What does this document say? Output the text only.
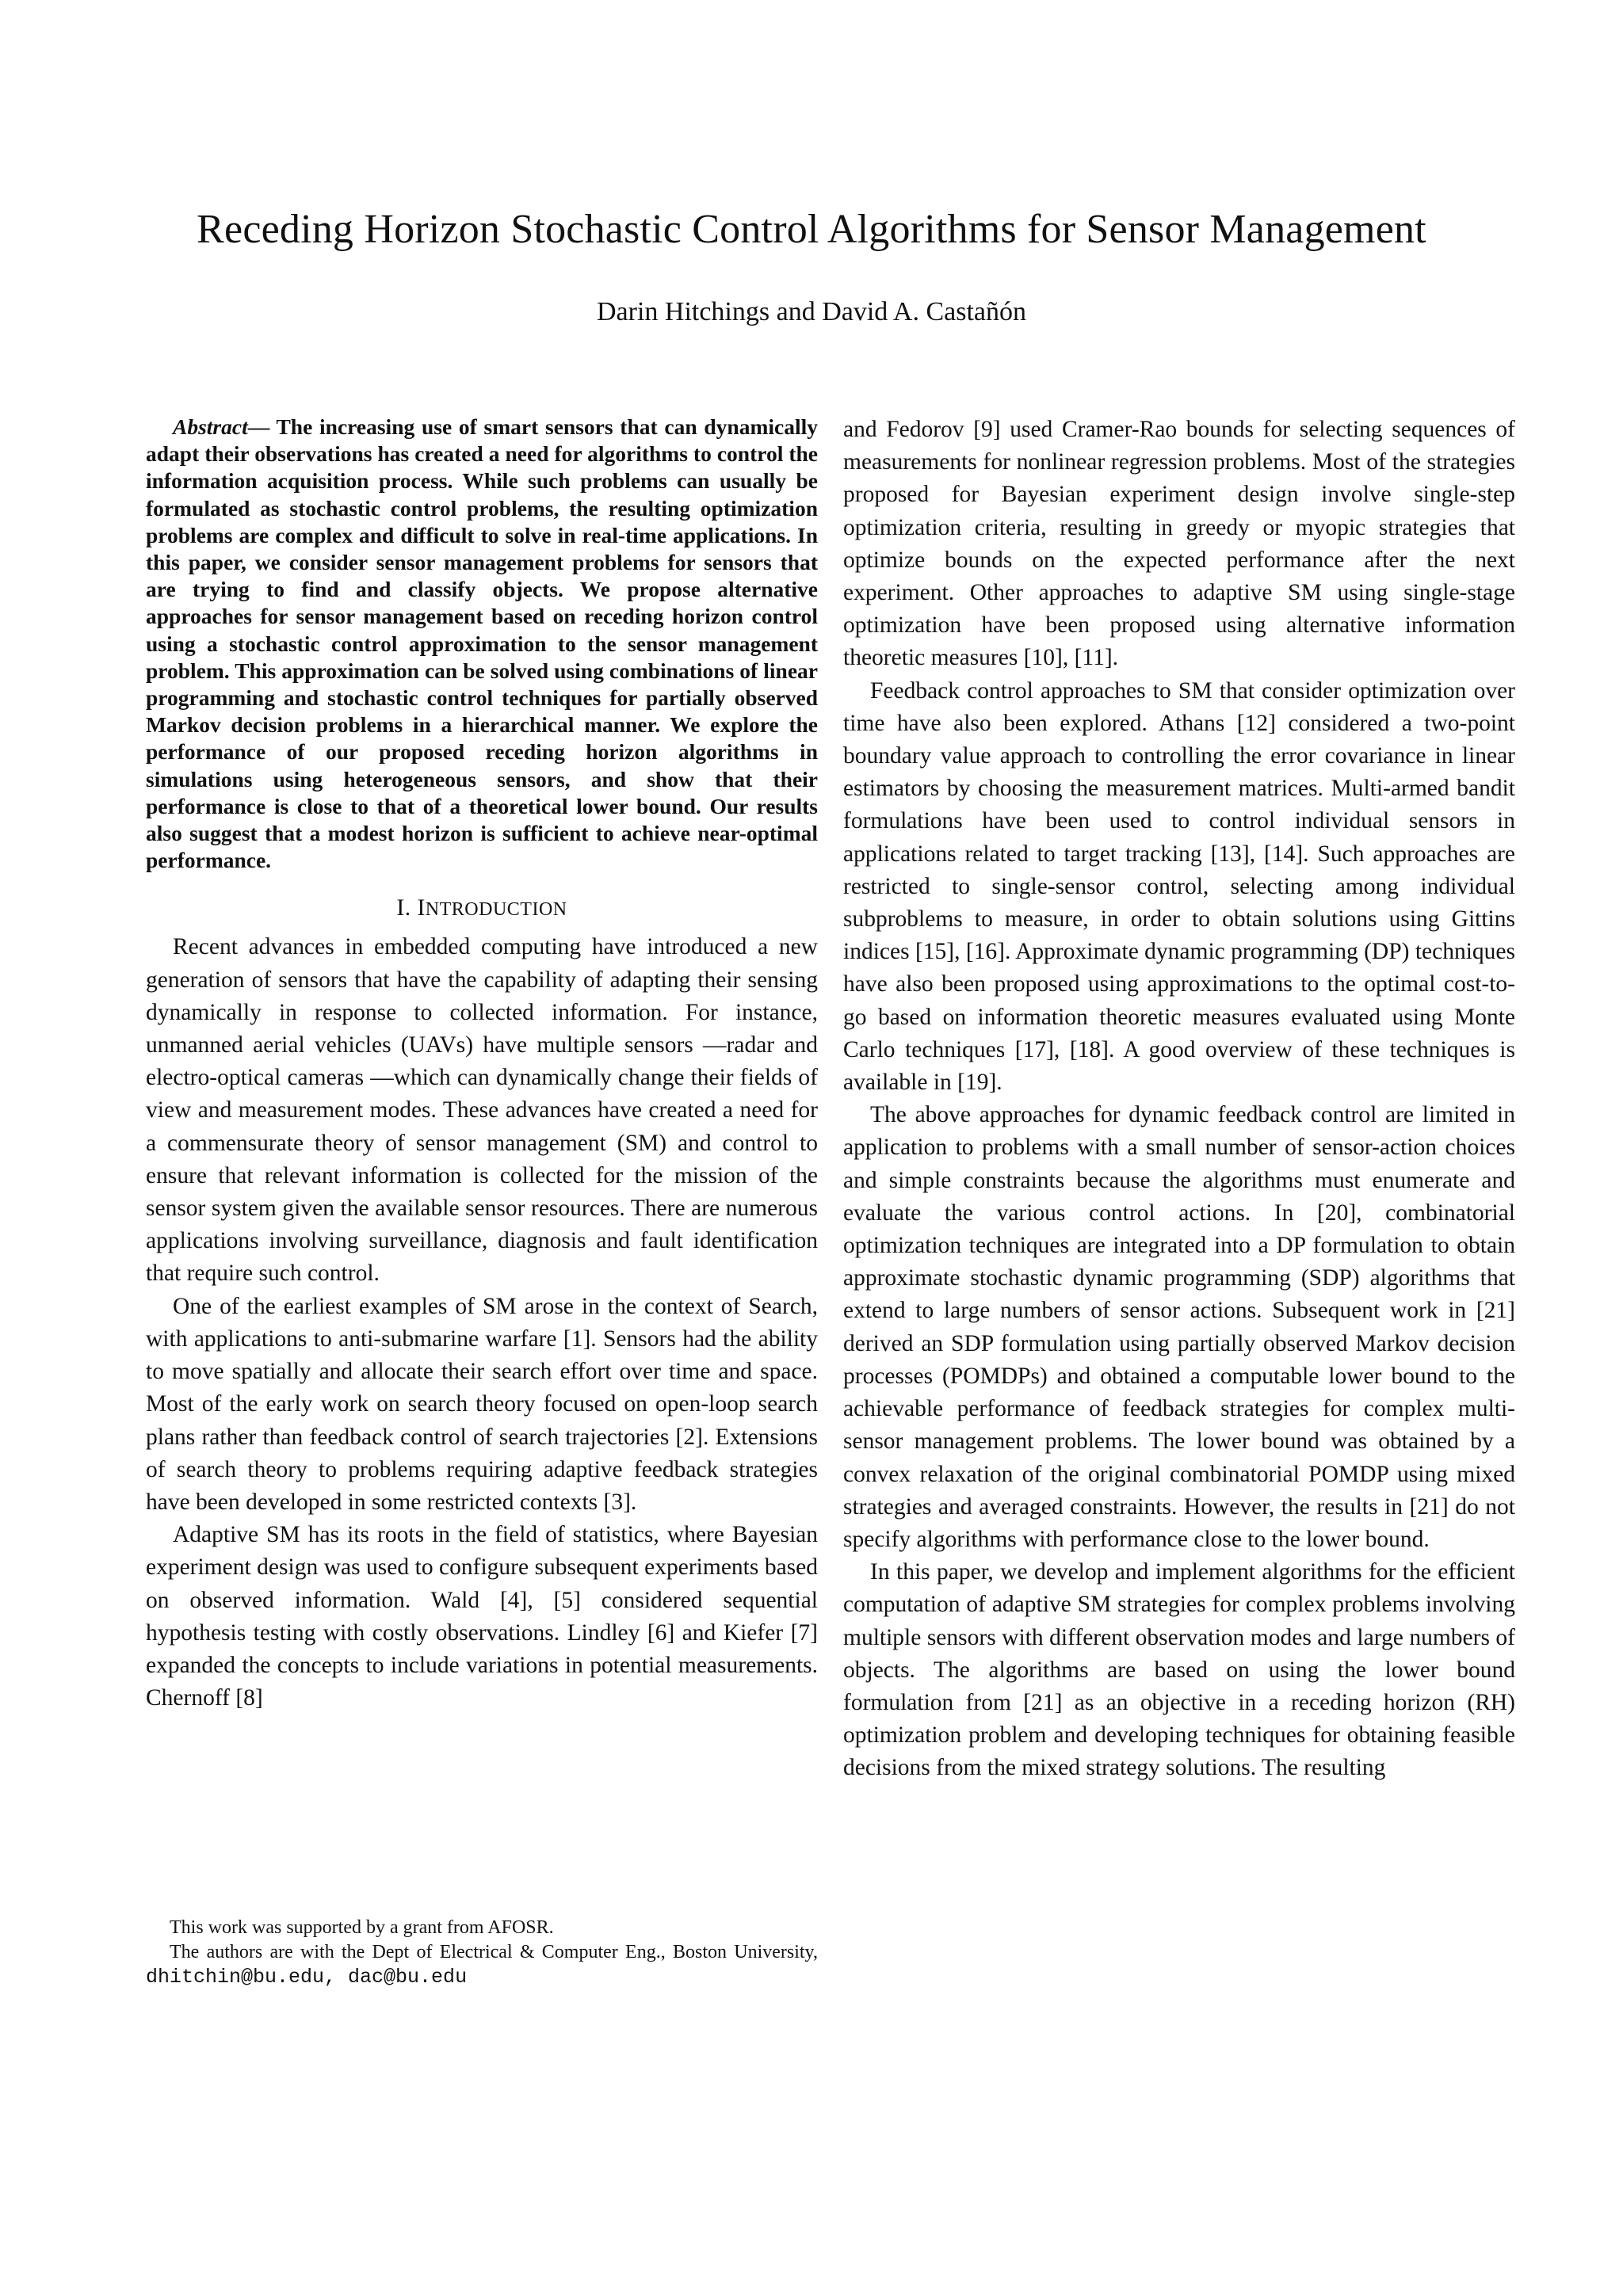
Receding Horizon Stochastic Control Algorithms for Sensor Management
Darin Hitchings and David A. Castañón

Abstract— The increasing use of smart sensors that can dynamically adapt their observations has created a need for algorithms to control the information acquisition process. While such problems can usually be formulated as stochastic control problems, the resulting optimization problems are complex and difficult to solve in real-time applications. In this paper, we consider sensor management problems for sensors that are trying to find and classify objects. We propose alternative approaches for sensor management based on receding horizon control using a stochastic control approximation to the sensor management problem. This approximation can be solved using combinations of linear programming and stochastic control techniques for partially observed Markov decision problems in a hierarchical manner. We explore the performance of our proposed receding horizon algorithms in simulations using heterogeneous sensors, and show that their performance is close to that of a theoretical lower bound. Our results also suggest that a modest horizon is sufficient to achieve near-optimal performance.

I. INTRODUCTION

Recent advances in embedded computing have introduced a new generation of sensors that have the capability of adapting their sensing dynamically in response to collected information. For instance, unmanned aerial vehicles (UAVs) have multiple sensors —radar and electro-optical cameras —which can dynamically change their fields of view and measurement modes. These advances have created a need for a commensurate theory of sensor management (SM) and control to ensure that relevant information is collected for the mission of the sensor system given the available sensor resources. There are numerous applications involving surveillance, diagnosis and fault identification that require such control.

One of the earliest examples of SM arose in the context of Search, with applications to anti-submarine warfare [1]. Sensors had the ability to move spatially and allocate their search effort over time and space. Most of the early work on search theory focused on open-loop search plans rather than feedback control of search trajectories [2]. Extensions of search theory to problems requiring adaptive feedback strategies have been developed in some restricted contexts [3].

Adaptive SM has its roots in the field of statistics, where Bayesian experiment design was used to configure subsequent experiments based on observed information. Wald [4], [5] considered sequential hypothesis testing with costly observations. Lindley [6] and Kiefer [7] expanded the concepts to include variations in potential measurements. Chernoff [8]

This work was supported by a grant from AFOSR.

The authors are with the Dept of Electrical & Computer Eng., Boston University, dhitchin@bu.edu, dac@bu.edu

and Fedorov [9] used Cramer-Rao bounds for selecting sequences of measurements for nonlinear regression problems. Most of the strategies proposed for Bayesian experiment design involve single-step optimization criteria, resulting in greedy or myopic strategies that optimize bounds on the expected performance after the next experiment. Other approaches to adaptive SM using single-stage optimization have been proposed using alternative information theoretic measures [10], [11].

Feedback control approaches to SM that consider optimization over time have also been explored. Athans [12] considered a two-point boundary value approach to controlling the error covariance in linear estimators by choosing the measurement matrices. Multi-armed bandit formulations have been used to control individual sensors in applications related to target tracking [13], [14]. Such approaches are restricted to single-sensor control, selecting among individual subproblems to measure, in order to obtain solutions using Gittins indices [15], [16]. Approximate dynamic programming (DP) techniques have also been proposed using approximations to the optimal cost-to-go based on information theoretic measures evaluated using Monte Carlo techniques [17], [18]. A good overview of these techniques is available in [19].

The above approaches for dynamic feedback control are limited in application to problems with a small number of sensor-action choices and simple constraints because the algorithms must enumerate and evaluate the various control actions. In [20], combinatorial optimization techniques are integrated into a DP formulation to obtain approximate stochastic dynamic programming (SDP) algorithms that extend to large numbers of sensor actions. Subsequent work in [21] derived an SDP formulation using partially observed Markov decision processes (POMDPs) and obtained a computable lower bound to the achievable performance of feedback strategies for complex multi-sensor management problems. The lower bound was obtained by a convex relaxation of the original combinatorial POMDP using mixed strategies and averaged constraints. However, the results in [21] do not specify algorithms with performance close to the lower bound.

In this paper, we develop and implement algorithms for the efficient computation of adaptive SM strategies for complex problems involving multiple sensors with different observation modes and large numbers of objects. The algorithms are based on using the lower bound formulation from [21] as an objective in a receding horizon (RH) optimization problem and developing techniques for obtaining feasible decisions from the mixed strategy solutions. The resulting
